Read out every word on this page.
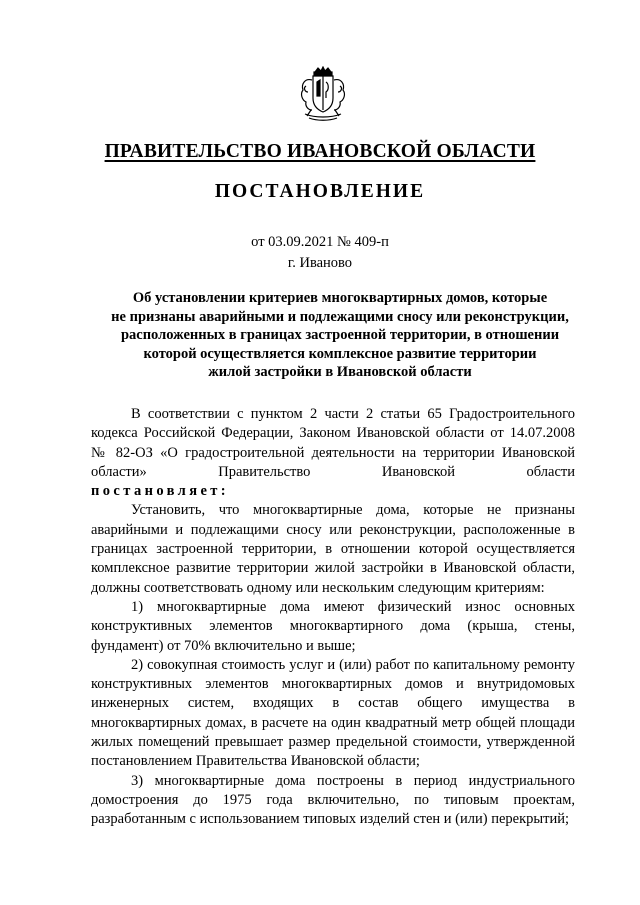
ПРАВИТЕЛЬСТВО ИВАНОВСКОЙ ОБЛАСТИ
ПОСТАНОВЛЕНИЕ
от 03.09.2021 № 409-п
г. Иваново
Об установлении критериев многоквартирных домов, которые
не признаны аварийными и подлежащими сносу или реконструкции,
расположенных в границах застроенной территории, в отношении
которой осуществляется комплексное развитие территории
жилой застройки в Ивановской области
В соответствии с пунктом 2 части 2 статьи 65 Градостроительного кодекса Российской Федерации, Законом Ивановской области от 14.07.2008 № 82-ОЗ «О градостроительной деятельности на территории Ивановской области» Правительство Ивановской области
постановляет:
Установить, что многоквартирные дома, которые не признаны аварийными и подлежащими сносу или реконструкции, расположенные в границах застроенной территории, в отношении которой осуществляется комплексное развитие территории жилой застройки в Ивановской области, должны соответствовать одному или нескольким следующим критериям:
1) многоквартирные дома имеют физический износ основных конструктивных элементов многоквартирного дома (крыша, стены, фундамент) от 70% включительно и выше;
2) совокупная стоимость услуг и (или) работ по капитальному ремонту конструктивных элементов многоквартирных домов и внутридомовых инженерных систем, входящих в состав общего имущества в многоквартирных домах, в расчете на один квадратный метр общей площади жилых помещений превышает размер предельной стоимости, утвержденной постановлением Правительства Ивановской области;
3) многоквартирные дома построены в период индустриального домостроения до 1975 года включительно, по типовым проектам, разработанным с использованием типовых изделий стен и (или) перекрытий;
